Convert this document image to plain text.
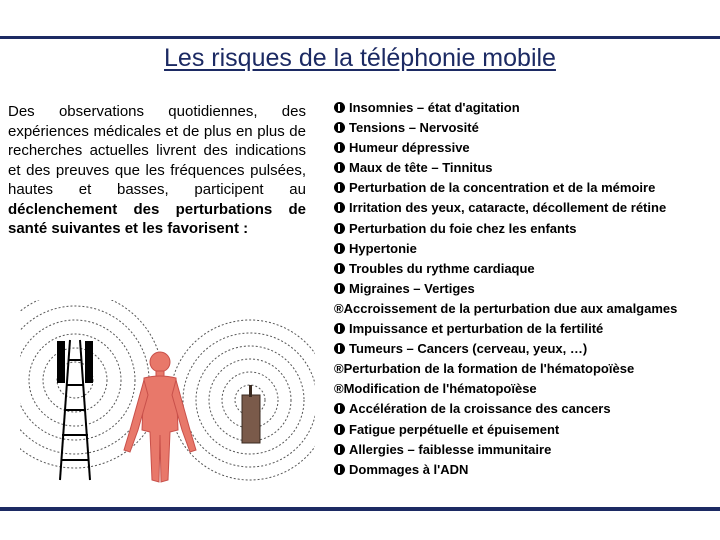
Les risques de la téléphonie mobile
Des observations quotidiennes, des expériences médicales et de plus en plus de recherches actuelles livrent des indications et des preuves que les fréquences pulsées, hautes et basses, participent au déclenchement des perturbations de santé suivantes et les favorisent :
Insomnies – état d'agitation
Tensions – Nervosité
Humeur dépressive
Maux de tête – Tinnitus
Perturbation de la concentration et de la mémoire
Irritation des yeux, cataracte, décollement de rétine
Perturbation du foie chez les enfants
Hypertonie
Troubles du rythme cardiaque
Migraines – Vertiges
®Accroissement de la perturbation due aux amalgames
Impuissance et perturbation de la fertilité
Tumeurs – Cancers (cerveau, yeux, …)
®Perturbation de la formation de l'hématopoïèse
®Modification de l'hématopoïèse
Accélération de la croissance des cancers
Fatigue perpétuelle et épuisement
Allergies – faiblesse immunitaire
Dommages à l'ADN
